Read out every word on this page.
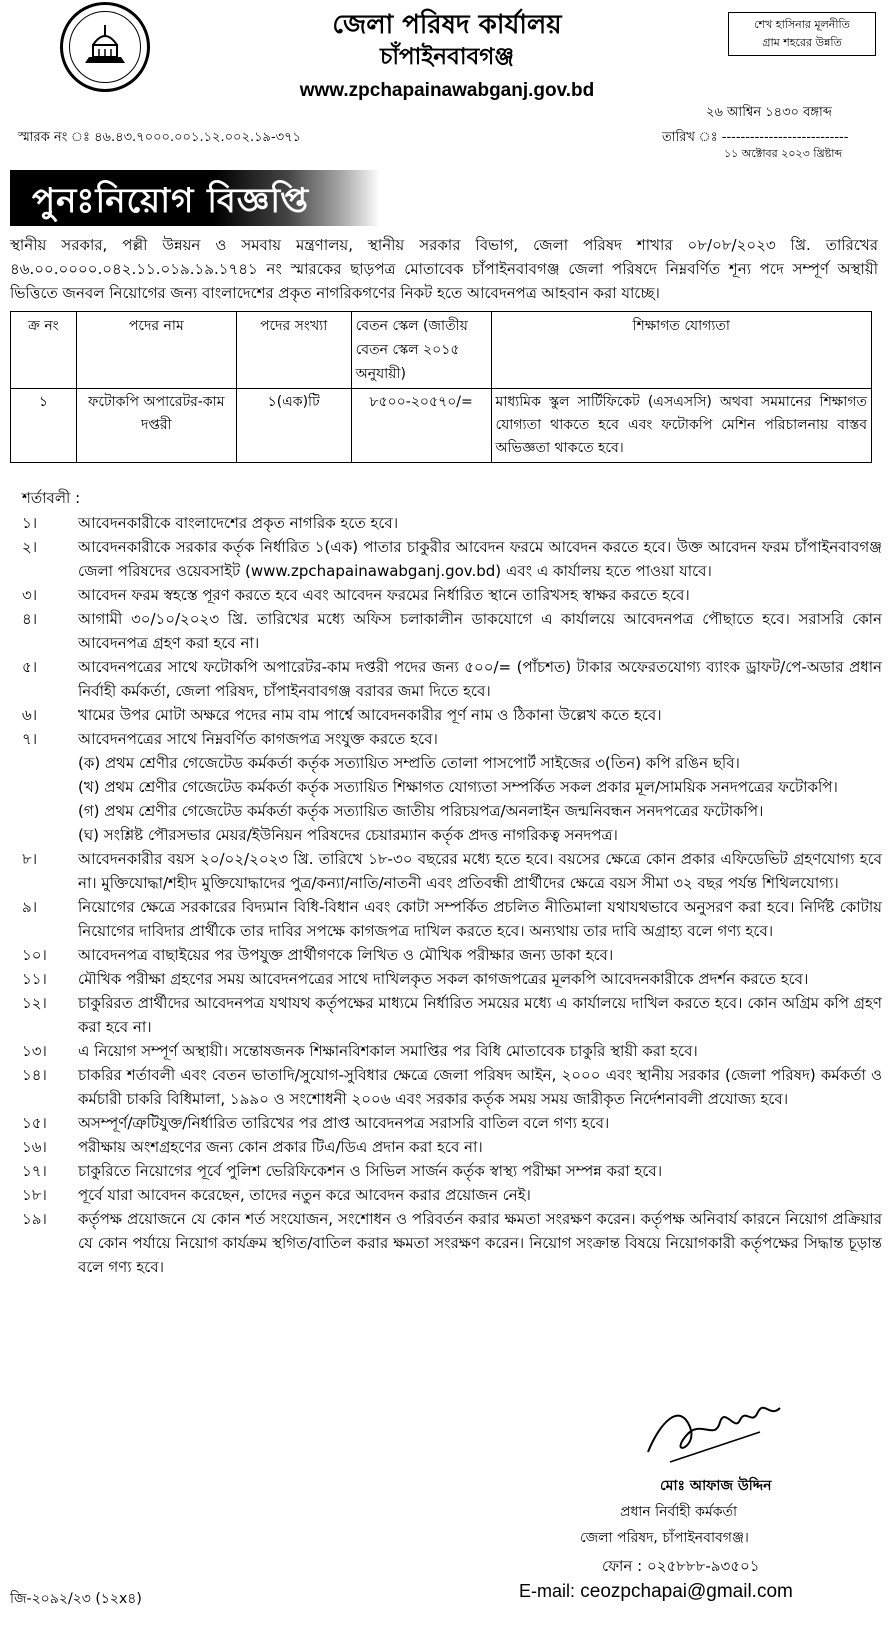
জেলা পরিষদ কার্যালয়
চাঁপাইনবাবগঞ্জ
www.zpchapainawabganj.gov.bd
শেখ হাসিনার মূলনীতি
গ্রাম শহরের উন্নতি
২৬ আশ্বিন ১৪৩০ বঙ্গাব্দ
স্মারক নং ঃ ৪৬.৪৩.৭০০০.০০১.১২.০০২.১৯-৩৭১	তারিখ ঃ ---------------------------
১১ অক্টোবর ২০২৩ খ্রিষ্টাব্দ
পুনঃনিয়োগ বিজ্ঞপ্তি
স্থানীয় সরকার, পল্লী উন্নয়ন ও সমবায় মন্ত্রণালয়, স্থানীয় সরকার বিভাগ, জেলা পরিষদ শাখার ০৮/০৮/২০২৩ খ্রি. তারিখের ৪৬.০০.০০০০.০৪২.১১.০১৯.১৯.১৭৪১ নং স্মারকের ছাড়পত্র মোতাবেক চাঁপাইনবাবগঞ্জ জেলা পরিষদে নিম্নবর্ণিত শূন্য পদে সম্পূর্ণ অস্থায়ী ভিত্তিতে জনবল নিয়োগের জন্য বাংলাদেশের প্রকৃত নাগরিকগণের নিকট হতে আবেদনপত্র আহবান করা যাচ্ছে।
ক্র নং	পদের নাম	পদের সংখ্যা	বেতন স্কেল (জাতীয় বেতন স্কেল ২০১৫ অনুযায়ী)	শিক্ষাগত যোগ্যতা
১	ফটোকপি অপারেটর-কাম দপ্তরী	১(এক)টি	৮৫০০-২০৫৭০/=	মাধ্যমিক স্কুল সার্টিফিকেট (এসএসসি) অথবা সমমানের শিক্ষাগত যোগ্যতা থাকতে হবে এবং ফটোকপি মেশিন পরিচালনায় বাস্তব অভিজ্ঞতা থাকতে হবে।
শর্তাবলী :
১।	আবেদনকারীকে বাংলাদেশের প্রকৃত নাগরিক হতে হবে।
২।	আবেদনকারীকে সরকার কর্তৃক নির্ধারিত ১(এক) পাতার চাকুরীর আবেদন ফরমে আবেদন করতে হবে। উক্ত আবেদন ফরম চাঁপাইনবাবগঞ্জ জেলা পরিষদের ওয়েবসাইট (www.zpchapainawabganj.gov.bd) এবং এ কার্যালয় হতে পাওয়া যাবে।
৩।	আবেদন ফরম স্বহস্তে পূরণ করতে হবে এবং আবেদন ফরমের নির্ধারিত স্থানে তারিখসহ স্বাক্ষর করতে হবে।
৪।	আগামী ৩০/১০/২০২৩ খ্রি. তারিখের মধ্যে অফিস চলাকালীন ডাকযোগে এ কার্যালয়ে আবেদনপত্র পৌছাতে হবে। সরাসরি কোন আবেদনপত্র গ্রহণ করা হবে না।
৫।	আবেদনপত্রের সাথে ফটোকপি অপারেটর-কাম দপ্তরী পদের জন্য ৫০০/= (পাঁচশত) টাকার অফেরতযোগ্য ব্যাংক ড্রাফট/পে-অডার প্রধান নির্বাহী কর্মকর্তা, জেলা পরিষদ, চাঁপাইনবাবগঞ্জ বরাবর জমা দিতে হবে।
৬।	খামের উপর মোটা অক্ষরে পদের নাম বাম পার্শ্বে আবেদনকারীর পূর্ণ নাম ও ঠিকানা উল্লেখ কতে হবে।
৭।	আবেদনপত্রের সাথে নিম্নবর্ণিত কাগজপত্র সংযুক্ত করতে হবে।
(ক) প্রথম শ্রেণীর গেজেটেড কর্মকর্তা কর্তৃক সত্যায়িত সম্প্রতি তোলা পাসপোর্ট সাইজের ৩(তিন) কপি রঙিন ছবি।
(খ) প্রথম শ্রেণীর গেজেটেড কর্মকর্তা কর্তৃক সত্যায়িত শিক্ষাগত যোগ্যতা সম্পর্কিত সকল প্রকার মূল/সাময়িক সনদপত্রের ফটোকপি।
(গ) প্রথম শ্রেণীর গেজেটেড কর্মকর্তা কর্তৃক সত্যায়িত জাতীয় পরিচয়পত্র/অনলাইন জন্মনিবন্ধন সনদপত্রের ফটোকপি।
(ঘ) সংশ্লিষ্ট পৌরসভার মেয়র/ইউনিয়ন পরিষদের চেয়ারম্যান কর্তৃক প্রদত্ত নাগরিকত্ব সনদপত্র।
৮।	আবেদনকারীর বয়স ২০/০২/২০২৩ খ্রি. তারিখে ১৮-৩০ বছরের মধ্যে হতে হবে। বয়সের ক্ষেত্রে কোন প্রকার এফিডেভিট গ্রহণযোগ্য হবে না। মুক্তিযোদ্ধা/শহীদ মুক্তিযোদ্ধাদের পুত্র/কন্যা/নাতি/নাতনী এবং প্রতিবন্ধী প্রার্থীদের ক্ষেত্রে বয়স সীমা ৩২ বছর পর্যন্ত শিথিলযোগ্য।
৯।	নিয়োগের ক্ষেত্রে সরকারের বিদ্যমান বিধি-বিধান এবং কোটা সম্পর্কিত প্রচলিত নীতিমালা যথাযথভাবে অনুসরণ করা হবে। নির্দিষ্ট কোটায় নিয়োগের দাবিদার প্রার্থীকে তার দাবির সপক্ষে কাগজপত্র দাখিল করতে হবে। অন্যথায় তার দাবি অগ্রাহ্য বলে গণ্য হবে।
১০।	আবেদনপত্র বাছাইয়ের পর উপযুক্ত প্রার্থীগণকে লিখিত ও মৌখিক পরীক্ষার জন্য ডাকা হবে।
১১।	মৌখিক পরীক্ষা গ্রহণের সময় আবেদনপত্রের সাথে দাখিলকৃত সকল কাগজপত্রের মূলকপি আবেদনকারীকে প্রদর্শন করতে হবে।
১২।	চাকুরিরত প্রার্থীদের আবেদনপত্র যথাযথ কর্তৃপক্ষের মাধ্যমে নির্ধারিত সময়ের মধ্যে এ কার্যালয়ে দাখিল করতে হবে। কোন অগ্রিম কপি গ্রহণ করা হবে না।
১৩।	এ নিয়োগ সম্পূর্ণ অস্থায়ী। সন্তোষজনক শিক্ষানবিশকাল সমাপ্তির পর বিধি মোতাবেক চাকুরি স্থায়ী করা হবে।
১৪।	চাকরির শর্তাবলী এবং বেতন ভাতাদি/সুযোগ-সুবিধার ক্ষেত্রে জেলা পরিষদ আইন, ২০০০ এবং স্থানীয় সরকার (জেলা পরিষদ) কর্মকর্তা ও কর্মচারী চাকরি বিধিমালা, ১৯৯০ ও সংশোধনী ২০০৬ এবং সরকার কর্তৃক সময় সময় জারীকৃত নির্দেশনাবলী প্রযোজ্য হবে।
১৫।	অসম্পূর্ণ/ত্রুটিযুক্ত/নির্ধারিত তারিখের পর প্রাপ্ত আবেদনপত্র সরাসরি বাতিল বলে গণ্য হবে।
১৬।	পরীক্ষায় অংশগ্রহণের জন্য কোন প্রকার টিএ/ডিএ প্রদান করা হবে না।
১৭।	চাকুরিতে নিয়োগের পূর্বে পুলিশ ভেরিফিকেশন ও সিভিল সার্জন কর্তৃক স্বাস্থ্য পরীক্ষা সম্পন্ন করা হবে।
১৮।	পূর্বে যারা আবেদন করেছেন, তাদের নতুন করে আবেদন করার প্রয়োজন নেই।
১৯।	কর্তৃপক্ষ প্রয়োজনে যে কোন শর্ত সংযোজন, সংশোধন ও পরিবর্তন করার ক্ষমতা সংরক্ষণ করেন। কর্তৃপক্ষ অনিবার্য কারনে নিয়োগ প্রক্রিয়ার যে কোন পর্যায়ে নিয়োগ কার্যক্রম স্থগিত/বাতিল করার ক্ষমতা সংরক্ষণ করেন। নিয়োগ সংক্রান্ত বিষয়ে নিয়োগকারী কর্তৃপক্ষের সিদ্ধান্ত চূড়ান্ত বলে গণ্য হবে।
মোঃ আফাজ উদ্দিন
প্রধান নির্বাহী কর্মকর্তা
জেলা পরিষদ, চাঁপাইনবাবগঞ্জ।
ফোন : ০২৫৮৮৮-৯৩৫০১
E-mail: ceozpchapai@gmail.com
জি-২০৯২/২৩ (১২x৪)
